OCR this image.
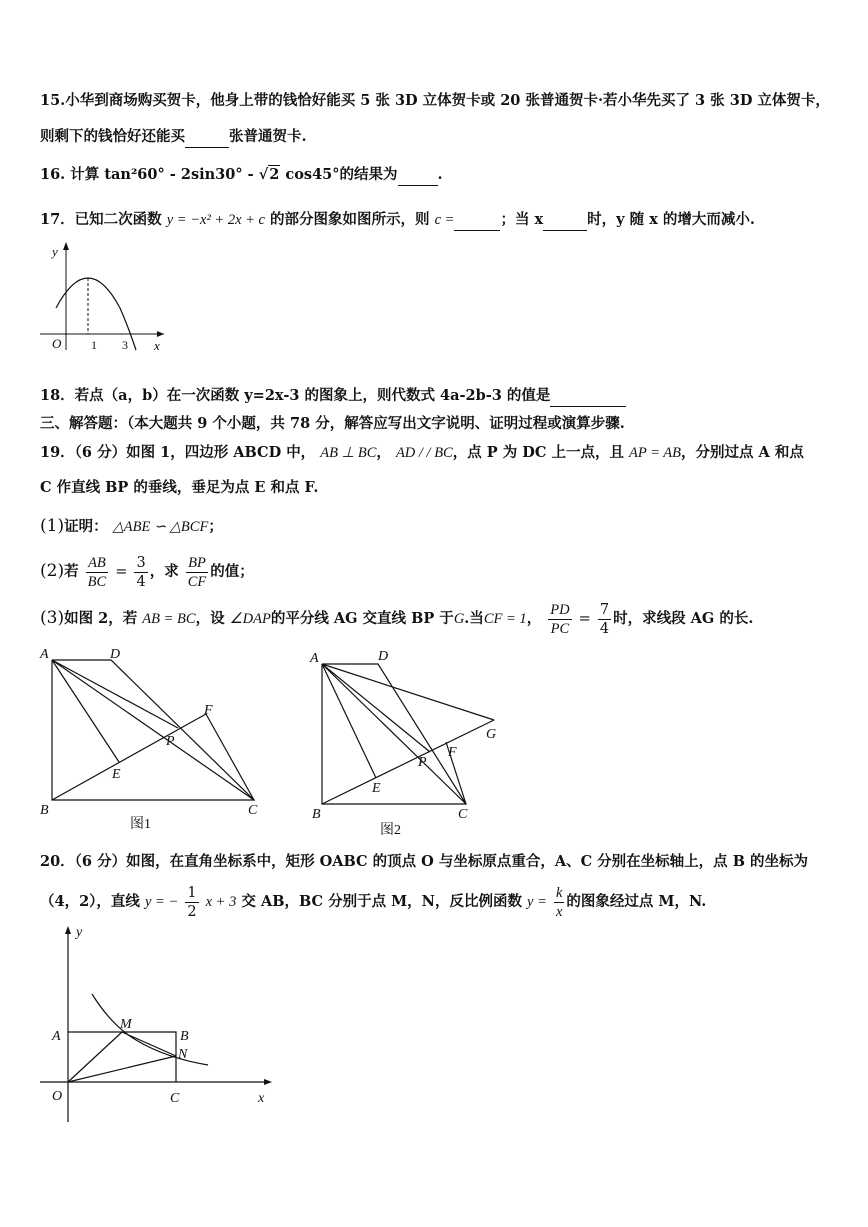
15.小华到商场购买贺卡，他身上带的钱恰好能买 5 张 3D 立体贺卡或 20 张普通贺卡·若小华先买了 3 张 3D 立体贺卡，
则剩下的钱恰好还能买	张普通贺卡.
16. 计算 tan²60° - 2sin30° - √2 cos45°的结果为	.
17．已知二次函数 y = −x² + 2x + c 的部分图象如图所示，则 c =	；当 x	时，y 随 x 的增大而减小.
y
x
O 1 3
18．若点（a，b）在一次函数 y=2x-3 的图象上，则代数式 4a-2b-3 的值是
三、解答题：（本大题共 9 个小题，共 78 分，解答应写出文字说明、证明过程或演算步骤.
19．（6 分）如图 1，四边形 ABCD 中， AB ⊥ BC， AD / / BC，点 P 为 DC 上一点，且 AP = AB，分别过点 A 和点
C 作直线 BP 的垂线，垂足为点 E 和点 F.
(1)证明： △ABE ∽ △BCF；
(2)若 $\frac{AB}{BC} = \frac{3}{4}$ ，求 $\frac{BP}{CF}$ 的值；
(3)如图 2，若 AB = BC，设 ∠DAP的平分线 AG 交直线 BP 于G.当CF = 1， $\frac{PD}{PC} = \frac{7}{4}$ 时，求线段 AG 的长.
A	D
F
P
E
B	C
图1
A	D
G
F
P
E
B	C
图2
20．（6 分）如图，在直角坐标系中，矩形 OABC 的顶点 O 与坐标原点重合，A、C 分别在坐标轴上，点 B 的坐标为
（4，2），直线 y = − $\frac{1}{2}$ x + 3 交 AB，BC 分别于点 M，N，反比例函数 $y = \frac{k}{x}$ 的图象经过点 M，N.
y
x
O
A
M
B
N
C
